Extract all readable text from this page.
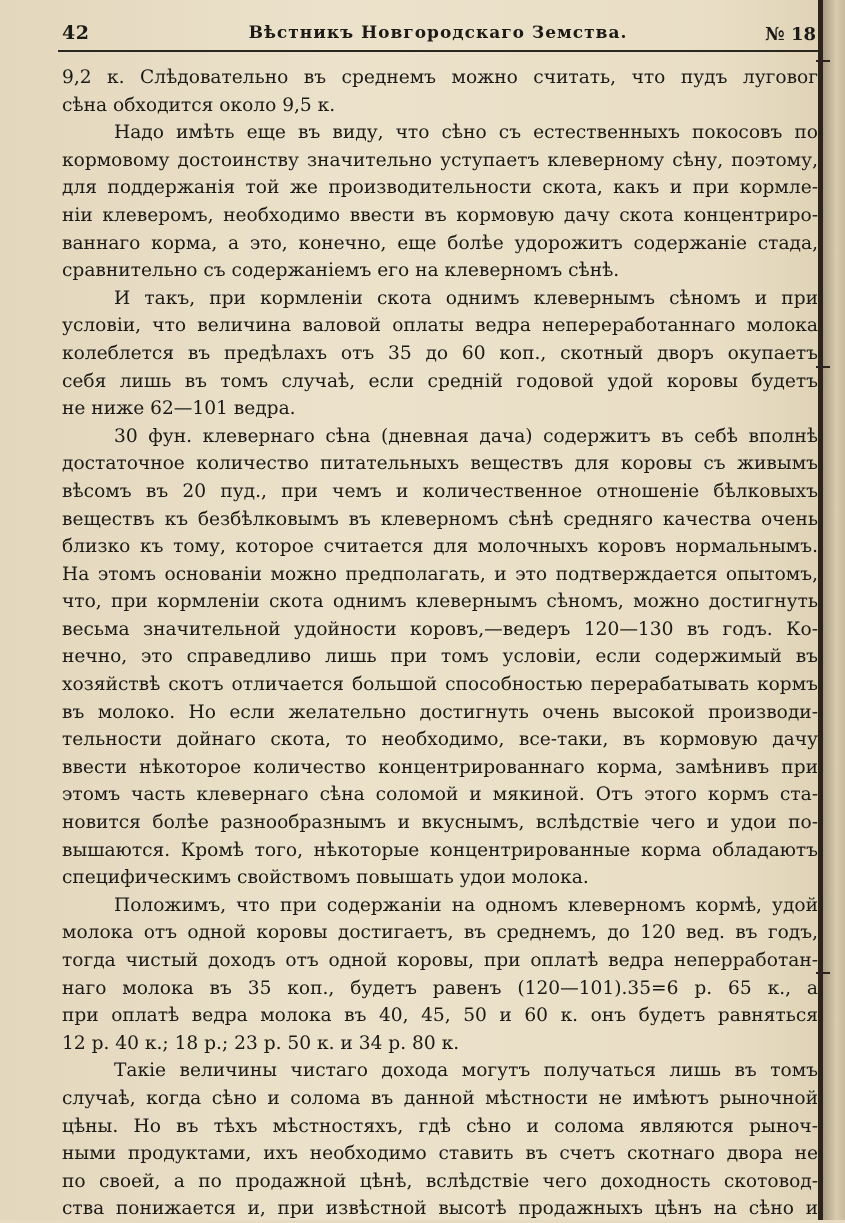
42	Вѣстникъ Новгородскаго Земства.	№ 18
9,2 к. Слѣдовательно въ среднемъ можно считать, что пудъ луговог
сѣна обходится около 9,5 к.
Надо имѣть еще въ виду, что сѣно съ естественныхъ покосовъ по
кормовому достоинству значительно уступаетъ клеверному сѣну, поэтому,
для поддержанія той же производительности скота, какъ и при кормле-
ніи клеверомъ, необходимо ввести въ кормовую дачу скота концентриро-
ваннаго корма, а это, конечно, еще болѣе удорожитъ содержаніе стада,
сравнительно съ содержаніемъ его на клеверномъ сѣнѣ.
И такъ, при кормленіи скота однимъ клевернымъ сѣномъ и при
условіи, что величина валовой оплаты ведра непереработаннаго молока
колеблется въ предѣлахъ отъ 35 до 60 коп., скотный дворъ окупаетъ
себя лишь въ томъ случаѣ, если средній годовой удой коровы будетъ
не ниже 62—101 ведра.
30 фун. клевернаго сѣна (дневная дача) содержитъ въ себѣ вполнѣ
достаточное количество питательныхъ веществъ для коровы съ живымъ
вѣсомъ въ 20 пуд., при чемъ и количественное отношеніе бѣлковыхъ
веществъ къ безбѣлковымъ въ клеверномъ сѣнѣ средняго качества очень
близко къ тому, которое считается для молочныхъ коровъ нормальнымъ.
На этомъ основаніи можно предполагать, и это подтверждается опытомъ,
что, при кормленіи скота однимъ клевернымъ сѣномъ, можно достигнуть
весьма значительной удойности коровъ,—ведеръ 120—130 въ годъ. Ко-
нечно, это справедливо лишь при томъ условіи, если содержимый въ
хозяйствѣ скотъ отличается большой способностью перерабатывать кормъ
въ молоко. Но если желательно достигнуть очень высокой производи-
тельности дойнаго скота, то необходимо, все-таки, въ кормовую дачу
ввести нѣкоторое количество концентрированнаго корма, замѣнивъ при
этомъ часть клевернаго сѣна соломой и мякиной. Отъ этого кормъ ста-
новится болѣе разнообразнымъ и вкуснымъ, вслѣдствіе чего и удои по-
вышаются. Кромѣ того, нѣкоторые концентрированные корма обладаютъ
специфическимъ свойствомъ повышать удои молока.
Положимъ, что при содержаніи на одномъ клеверномъ кормѣ, удой
молока отъ одной коровы достигаетъ, въ среднемъ, до 120 вед. въ годъ,
тогда чистый доходъ отъ одной коровы, при оплатѣ ведра неперработан-
наго молока въ 35 коп., будетъ равенъ (120—101).35=6 р. 65 к., а
при оплатѣ ведра молока въ 40, 45, 50 и 60 к. онъ будетъ равняться
12 р. 40 к.; 18 р.; 23 р. 50 к. и 34 р. 80 к.
Такіе величины чистаго дохода могутъ получаться лишь въ томъ
случаѣ, когда сѣно и солома въ данной мѣстности не имѣютъ рыночной
цѣны. Но въ тѣхъ мѣстностяхъ, гдѣ сѣно и солома являются рыноч-
ными продуктами, ихъ необходимо ставить въ счетъ скотнаго двора не
по своей, а по продажной цѣнѣ, вслѣдствіе чего доходность скотовод-
ства понижается и, при извѣстной высотѣ продажныхъ цѣнъ на сѣно и
